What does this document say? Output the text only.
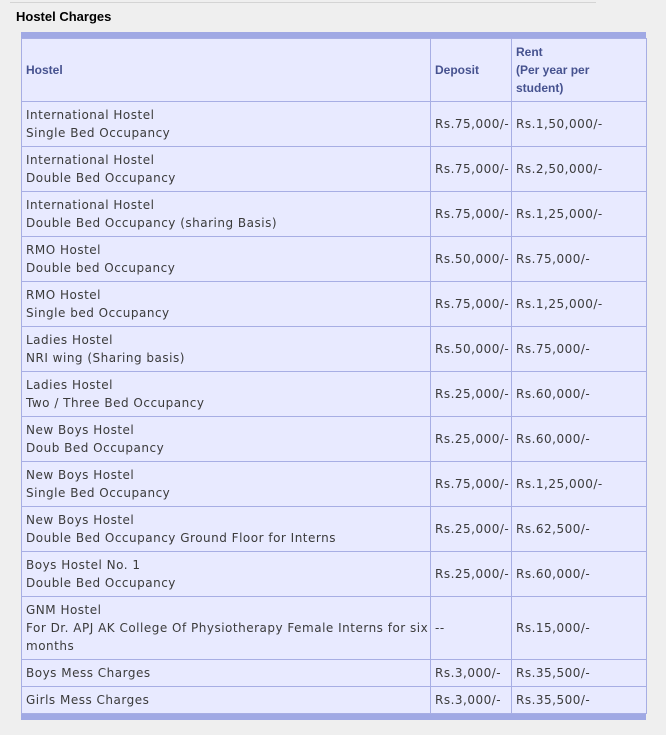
Hostel Charges
Hostel	Deposit	Rent
(Per year per
student)

International Hostel
Single Bed Occupancy	Rs.75,000/-	Rs.1,50,000/-

International Hostel
Double Bed Occupancy	Rs.75,000/-	Rs.2,50,000/-

International Hostel
Double Bed Occupancy (sharing Basis)	Rs.75,000/-	Rs.1,25,000/-

RMO Hostel
Double bed Occupancy	Rs.50,000/-	Rs.75,000/-

RMO Hostel
Single bed Occupancy	Rs.75,000/-	Rs.1,25,000/-

Ladies Hostel
NRI wing (Sharing basis)	Rs.50,000/-	Rs.75,000/-

Ladies Hostel
Two / Three Bed Occupancy	Rs.25,000/-	Rs.60,000/-

New Boys Hostel
Doub Bed Occupancy	Rs.25,000/-	Rs.60,000/-

New Boys Hostel
Single Bed Occupancy	Rs.75,000/-	Rs.1,25,000/-

New Boys Hostel
Double Bed Occupancy Ground Floor for Interns	Rs.25,000/-	Rs.62,500/-

Boys Hostel No. 1
Double Bed Occupancy	Rs.25,000/-	Rs.60,000/-

GNM Hostel
For Dr. APJ AK College Of Physiotherapy Female Interns for six
months	--	Rs.15,000/-

Boys Mess Charges	Rs.3,000/-	Rs.35,500/-

Girls Mess Charges	Rs.3,000/-	Rs.35,500/-
